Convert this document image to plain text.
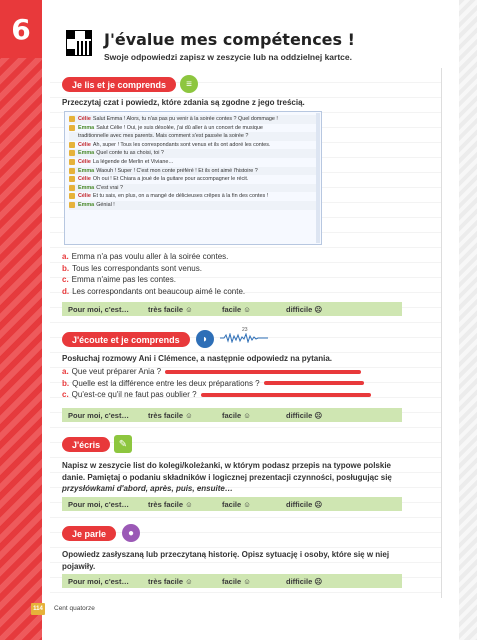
6	J'évalue mes compétences !
Swoje odpowiedzi zapisz w zeszycie lub na oddzielnej kartce.
Je lis et je comprends	≡
Przeczytaj czat i powiedz, które zdania są zgodne z jego treścią.
Célie Salut Emma ! Alors, tu n'as pas pu venir à la soirée contes ? Quel dommage !
Emma Salut Célie ! Oui, je suis désolée, j'ai dû aller à un concert de musique
traditionnelle avec mes parents. Mais comment s'est passée la soirée ?
Célie Ah, super ! Tous les correspondants sont venus et ils ont adoré les contes.
Emma Quel conte tu as choisi, toi ?
Célie La légende de Merlin et Viviane…
Emma Waouh ! Super ! C'est mon conte préféré ! Et ils ont aimé l'histoire ?
Célie Oh oui ! Et Chiara a joué de la guitare pour accompagner le récit.
Emma C'est vrai ?
Célie Et tu sais, en plus, on a mangé de délicieuses crêpes à la fin des contes !
Emma Génial !
a. Emma n'a pas voulu aller à la soirée contes.
b. Tous les correspondants sont venus.
c. Emma n'aime pas les contes.
d. Les correspondants ont beaucoup aimé le conte.
Pour moi, c'est…	très facile ☺	facile ☺	difficile ☹
J'écoute et je comprends	◗
23
Posłuchaj rozmowy Ani i Clémence, a następnie odpowiedz na pytania.
a. Que veut préparer Ania ?
b. Quelle est la différence entre les deux préparations ?
c. Qu'est-ce qu'il ne faut pas oublier ?
Pour moi, c'est…	très facile ☺	facile ☺	difficile ☹
J'écris	✎
Napisz w zeszycie list do kolegi/koleżanki, w którym podasz przepis na typowe polskie
danie. Pamiętaj o podaniu składników i logicznej prezentacji czynności, posługując się
przysłówkami d'abord, après, puis, ensuite…
Pour moi, c'est…	très facile ☺	facile ☺	difficile ☹
Je parle	●
Opowiedz zasłyszaną lub przeczytaną historię. Opisz sytuację i osoby, które się w niej
pojawiły.
Pour moi, c'est…	très facile ☺	facile ☺	difficile ☹
114	Cent quatorze
